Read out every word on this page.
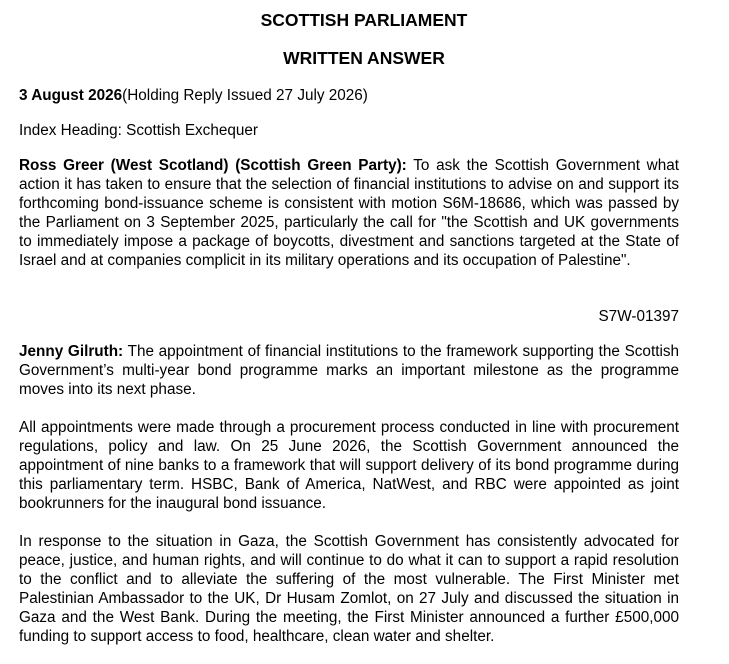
SCOTTISH PARLIAMENT
WRITTEN ANSWER

3 August 2026(Holding Reply Issued 27 July 2026)

Index Heading: Scottish Exchequer

Ross Greer (West Scotland) (Scottish Green Party): To ask the Scottish Government what action it has taken to ensure that the selection of financial institutions to advise on and support its forthcoming bond-issuance scheme is consistent with motion S6M-18686, which was passed by the Parliament on 3 September 2025, particularly the call for "the Scottish and UK governments to immediately impose a package of boycotts, divestment and sanctions targeted at the State of Israel and at companies complicit in its military operations and its occupation of Palestine".

S7W-01397

Jenny Gilruth: The appointment of financial institutions to the framework supporting the Scottish Government’s multi-year bond programme marks an important milestone as the programme moves into its next phase.

All appointments were made through a procurement process conducted in line with procurement regulations, policy and law. On 25 June 2026, the Scottish Government announced the appointment of nine banks to a framework that will support delivery of its bond programme during this parliamentary term. HSBC, Bank of America, NatWest, and RBC were appointed as joint bookrunners for the inaugural bond issuance.

In response to the situation in Gaza, the Scottish Government has consistently advocated for peace, justice, and human rights, and will continue to do what it can to support a rapid resolution to the conflict and to alleviate the suffering of the most vulnerable. The First Minister met Palestinian Ambassador to the UK, Dr Husam Zomlot, on 27 July and discussed the situation in Gaza and the West Bank. During the meeting, the First Minister announced a further £500,000 funding to support access to food, healthcare, clean water and shelter.
